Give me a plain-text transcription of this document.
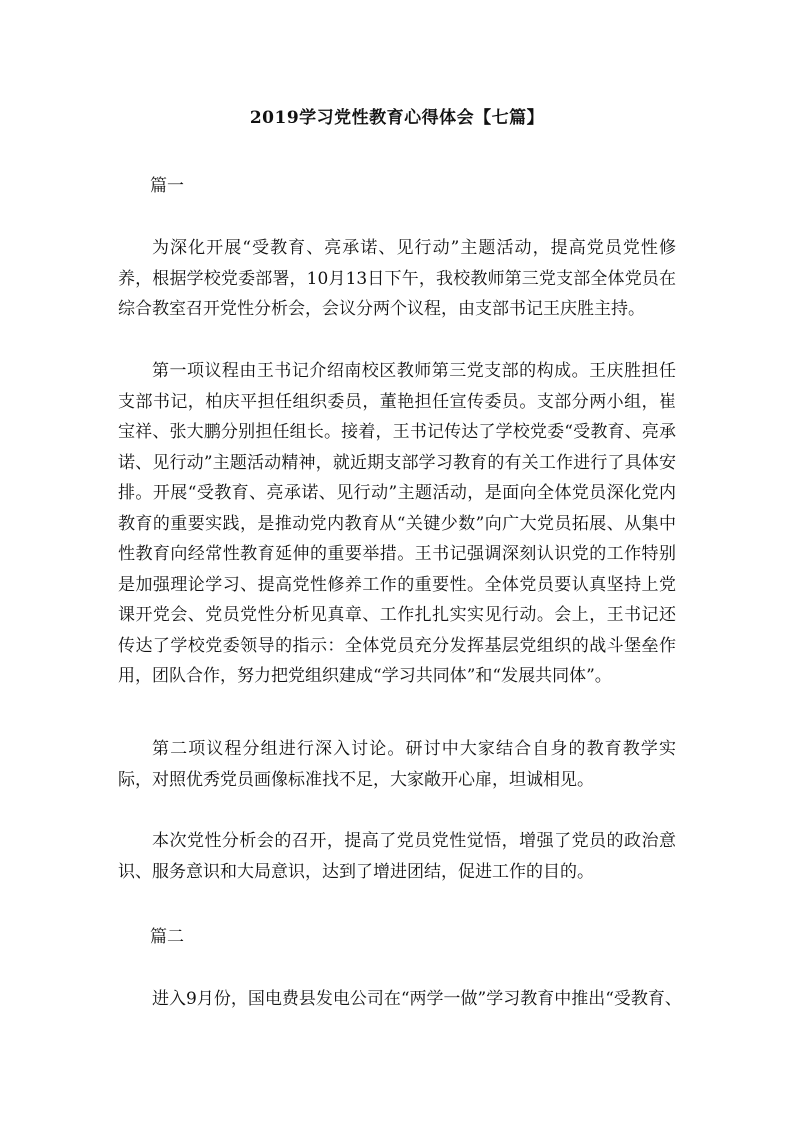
2019学习党性教育心得体会【七篇】
篇一

为深化开展“受教育、亮承诺、见行动”主题活动，提高党员党性修养，根据学校党委部署，10月13日下午，我校教师第三党支部全体党员在综合教室召开党性分析会，会议分两个议程，由支部书记王庆胜主持。

第一项议程由王书记介绍南校区教师第三党支部的构成。王庆胜担任支部书记，柏庆平担任组织委员，董艳担任宣传委员。支部分两小组，崔宝祥、张大鹏分别担任组长。接着，王书记传达了学校党委“受教育、亮承诺、见行动”主题活动精神，就近期支部学习教育的有关工作进行了具体安排。开展“受教育、亮承诺、见行动”主题活动，是面向全体党员深化党内教育的重要实践，是推动党内教育从“关键少数”向广大党员拓展、从集中性教育向经常性教育延伸的重要举措。王书记强调深刻认识党的工作特别是加强理论学习、提高党性修养工作的重要性。全体党员要认真坚持上党课开党会、党员党性分析见真章、工作扎扎实实见行动。会上，王书记还传达了学校党委领导的指示：全体党员充分发挥基层党组织的战斗堡垒作用，团队合作，努力把党组织建成“学习共同体”和“发展共同体”。

第二项议程分组进行深入讨论。研讨中大家结合自身的教育教学实际，对照优秀党员画像标准找不足，大家敞开心扉，坦诚相见。

本次党性分析会的召开，提高了党员党性觉悟，增强了党员的政治意识、服务意识和大局意识，达到了增进团结，促进工作的目的。

篇二

进入9月份，国电费县发电公司在“两学一做”学习教育中推出“受教育、
